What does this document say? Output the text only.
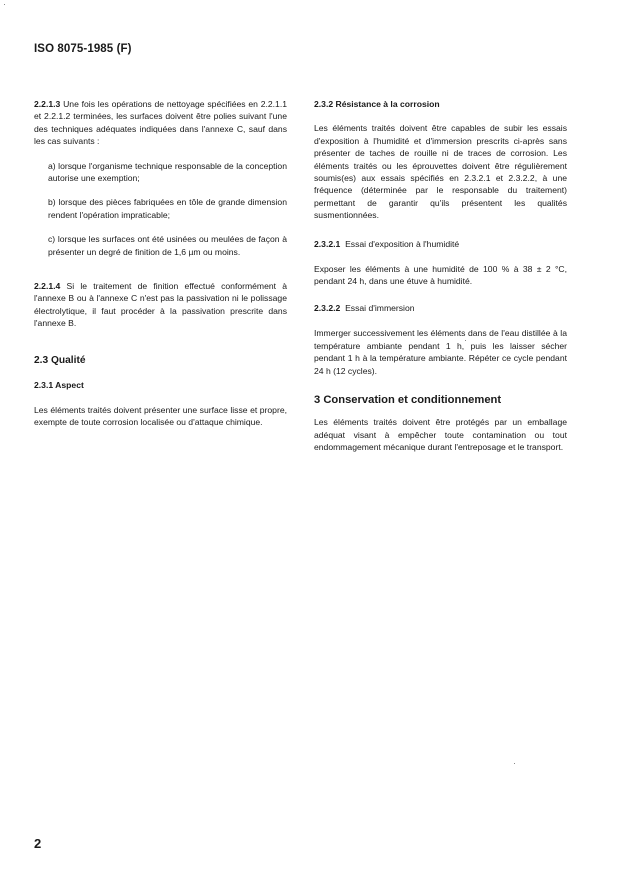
ISO 8075-1985 (F)

2.2.1.3 Une fois les opérations de nettoyage spécifiées en 2.2.1.1 et 2.2.1.2 terminées, les surfaces doivent être polies suivant l'une des techniques adéquates indiquées dans l'annexe C, sauf dans les cas suivants :

a) lorsque l'organisme technique responsable de la conception autorise une exemption;

b) lorsque des pièces fabriquées en tôle de grande dimension rendent l'opération impraticable;

c) lorsque les surfaces ont été usinées ou meulées de façon à présenter un degré de finition de 1,6 µm ou moins.

2.2.1.4 Si le traitement de finition effectué conformément à l'annexe B ou à l'annexe C n'est pas la passivation ni le polissage électrolytique, il faut procéder à la passivation prescrite dans l'annexe B.

2.3 Qualité

2.3.1 Aspect

Les éléments traités doivent présenter une surface lisse et propre, exempte de toute corrosion localisée ou d'attaque chimique.

2.3.2 Résistance à la corrosion

Les éléments traités doivent être capables de subir les essais d'exposition à l'humidité et d'immersion prescrits ci-après sans présenter de taches de rouille ni de traces de corrosion. Les éléments traités ou les éprouvettes doivent être régulièrement soumis(es) aux essais spécifiés en 2.3.2.1 et 2.3.2.2, à une fréquence (déterminée par le responsable du traitement) permettant de garantir qu'ils présentent les qualités susmentionnées.

2.3.2.1 Essai d'exposition à l'humidité

Exposer les éléments à une humidité de 100 % à 38 ± 2 °C, pendant 24 h, dans une étuve à humidité.

2.3.2.2 Essai d'immersion

Immerger successivement les éléments dans de l'eau distillée à la température ambiante pendant 1 h, puis les laisser sécher pendant 1 h à la température ambiante. Répéter ce cycle pendant 24 h (12 cycles).

3 Conservation et conditionnement

Les éléments traités doivent être protégés par un emballage adéquat visant à empêcher toute contamination ou tout endommagement mécanique durant l'entreposage et le transport.

2
